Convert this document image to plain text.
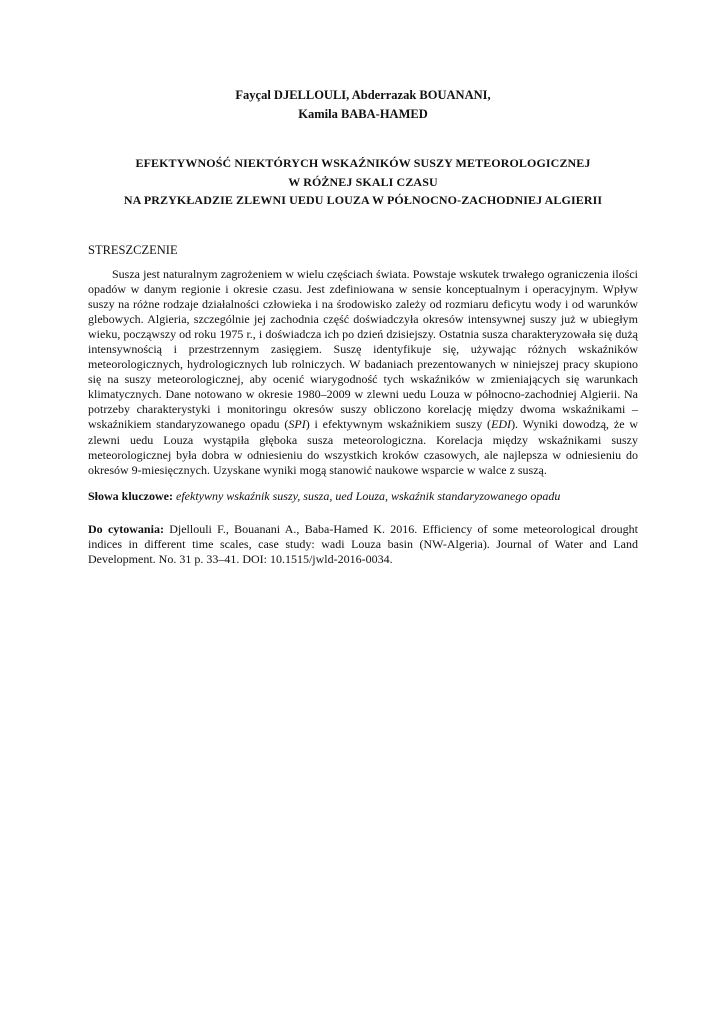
Fayçal DJELLOULI, Abderrazak BOUANANI,
Kamila BABA-HAMED
EFEKTYWNOŚĆ NIEKTÓRYCH WSKAŹNIKÓW SUSZY METEOROLOGICZNEJ
W RÓŻNEJ SKALI CZASU
NA PRZYKŁADZIE ZLEWNI UEDU LOUZA W PÓŁNOCNO-ZACHODNIEJ ALGIERII
STRESZCZENIE

Susza jest naturalnym zagrożeniem w wielu częściach świata. Powstaje wskutek trwałego ograniczenia ilości opadów w danym regionie i okresie czasu. Jest zdefiniowana w sensie konceptualnym i operacyjnym. Wpływ suszy na różne rodzaje działalności człowieka i na środowisko zależy od rozmiaru deficytu wody i od warunków glebowych. Algieria, szczególnie jej zachodnia część doświadczyła okresów intensywnej suszy już w ubiegłym wieku, począwszy od roku 1975 r., i doświadcza ich po dzień dzisiejszy. Ostatnia susza charakteryzowała się dużą intensywnością i przestrzennym zasięgiem. Suszę identyfikuje się, używając różnych wskaźników meteorologicznych, hydrologicznych lub rolniczych. W badaniach prezentowanych w niniejszej pracy skupiono się na suszy meteorologicznej, aby ocenić wiarygodność tych wskaźników w zmieniających się warunkach klimatycznych. Dane notowano w okresie 1980–2009 w zlewni uedu Louza w północno-zachodniej Algierii. Na potrzeby charakterystyki i monitoringu okresów suszy obliczono korelację między dwoma wskaźnikami – wskaźnikiem standaryzowanego opadu (SPI) i efektywnym wskaźnikiem suszy (EDI). Wyniki dowodzą, że w zlewni uedu Louza wystąpiła głęboka susza meteorologiczna. Korelacja między wskaźnikami suszy meteorologicznej była dobra w odniesieniu do wszystkich kroków czasowych, ale najlepsza w odniesieniu do okresów 9-miesięcznych. Uzyskane wyniki mogą stanowić naukowe wsparcie w walce z suszą.

Słowa kluczowe: efektywny wskaźnik suszy, susza, ued Louza, wskaźnik standaryzowanego opadu
Do cytowania: Djellouli F., Bouanani A., Baba-Hamed K. 2016. Efficiency of some meteorological drought indices in different time scales, case study: wadi Louza basin (NW-Algeria). Journal of Water and Land Development. No. 31 p. 33–41. DOI: 10.1515/jwld-2016-0034.
